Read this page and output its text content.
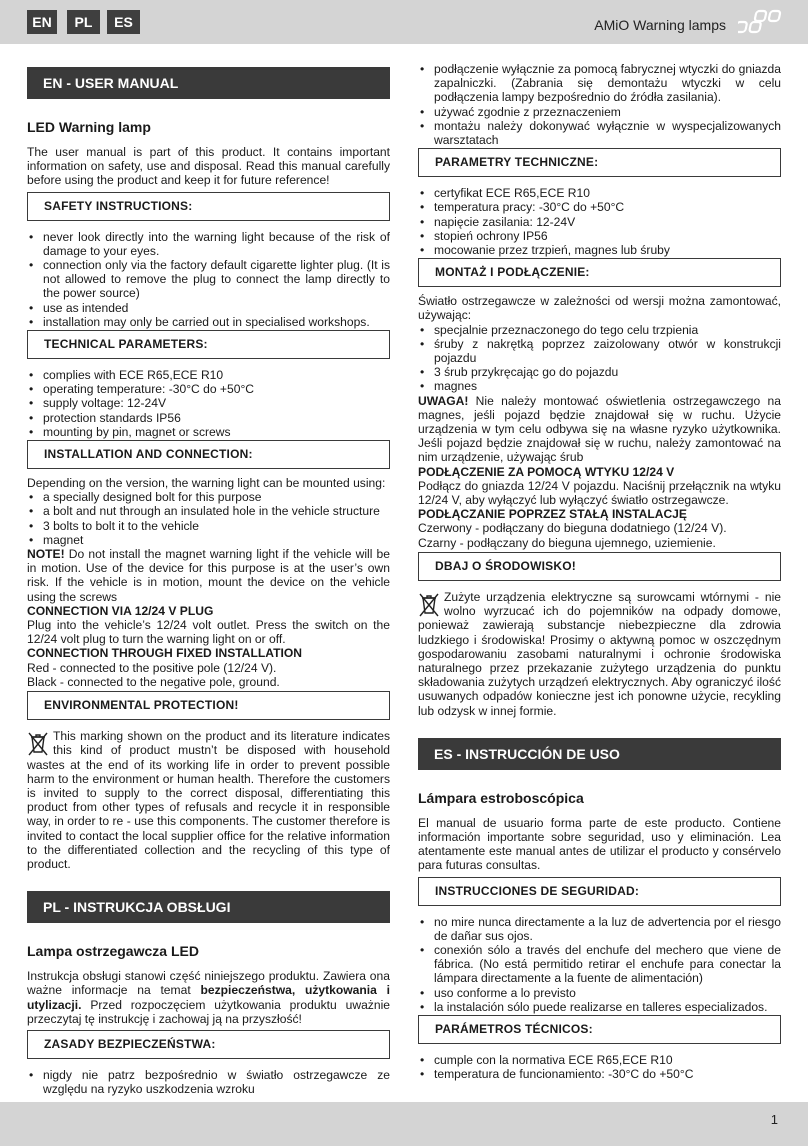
EN	PL	ES	AMiO Warning lamps
EN - USER MANUAL
LED Warning lamp

The user manual is part of this product. It contains important information on safety, use and disposal. Read this manual carefully before using the product and keep it for future reference!

SAFETY INSTRUCTIONS:
• never look directly into the warning light because of the risk of damage to your eyes.
• connection only via the factory default cigarette lighter plug. (It is not allowed to remove the plug to connect the lamp directly to the power source)
• use as intended
• installation may only be carried out in specialised workshops.
TECHNICAL PARAMETERS:
• complies with ECE R65,ECE R10
• operating temperature: -30°C do +50°C
• supply voltage: 12-24V
• protection standards IP56
• mounting by pin, magnet or screws
INSTALLATION AND CONNECTION:

Depending on the version, the warning light can be mounted using:

• a specially designed bolt for this purpose
• a bolt and nut through an insulated hole in the vehicle structure
• 3 bolts to bolt it to the vehicle
• magnet

NOTE! Do not install the magnet warning light if the vehicle will be in motion. Use of the device for this purpose is at the user’s own risk. If the vehicle is in motion, mount the device on the vehicle using the screws

CONNECTION VIA 12/24 V PLUG

Plug into the vehicle’s 12/24 volt outlet. Press the switch on the 12/24 volt plug to turn the warning light on or off.

CONNECTION THROUGH FIXED INSTALLATION

Red - connected to the positive pole (12/24 V).

Black - connected to the negative pole, ground.

ENVIRONMENTAL PROTECTION!

This marking shown on the product and its literature indicates this kind of product mustn’t be disposed with household wastes at the end of its working life in order to prevent possible harm to the environment or human health. Therefore the customers is invited to supply to the correct disposal, differentiating this product from other types of refusals and recycle it in responsible way, in order to re - use this components. The customer therefore is invited to contact the local supplier office for the relative information to the differentiated collection and the recycling of this type of product.

PL - INSTRUKCJA OBSŁUGI
Lampa ostrzegawcza LED

Instrukcja obsługi stanowi część niniejszego produktu. Zawiera ona ważne informacje na temat bezpieczeństwa, użytkowania i utylizacji. Przed rozpoczęciem użytkowania produktu uważnie przeczytaj tę instrukcję i zachowaj ją na przyszłość!

ZASADY BEZPIECZEŃSTWA:
• nigdy nie patrz bezpośrednio w światło ostrzegawcze ze względu na ryzyko uszkodzenia wzroku
• podłączenie wyłącznie za pomocą fabrycznej wtyczki do gniazda zapalniczki. (Zabrania się demontażu wtyczki w celu podłączenia lampy bezpośrednio do źródła zasilania).
• używać zgodnie z przeznaczeniem
• montażu należy dokonywać wyłącznie w wyspecjalizowanych warsztatach
PARAMETRY TECHNICZNE:
• certyfikat ECE R65,ECE R10
• temperatura pracy: -30°C do +50°C
• napięcie zasilania: 12-24V
• stopień ochrony IP56
• mocowanie przez trzpień, magnes lub śruby
MONTAŻ I PODŁĄCZENIE:

Światło ostrzegawcze w zależności od wersji można zamontować, używając:

• specjalnie przeznaczonego do tego celu trzpienia
• śruby z nakrętką poprzez zaizolowany otwór w konstrukcji pojazdu
• 3 śrub przykręcając go do pojazdu
• magnes

UWAGA! Nie należy montować oświetlenia ostrzegawczego na magnes, jeśli pojazd będzie znajdował się w ruchu. Użycie urządzenia w tym celu odbywa się na własne ryzyko użytkownika. Jeśli pojazd będzie znajdował się w ruchu, należy zamontować na nim urządzenie, używając śrub

PODŁĄCZENIE ZA POMOCĄ WTYKU 12/24 V

Podłącz do gniazda 12/24 V pojazdu. Naciśnij przełącznik na wtyku 12/24 V, aby wyłączyć lub wyłączyć światło ostrzegawcze.

PODŁĄCZANIE POPRZEZ STAŁĄ INSTALACJĘ

Czerwony - podłączany do bieguna dodatniego (12/24 V).

Czarny - podłączany do bieguna ujemnego, uziemienie.

DBAJ O ŚRODOWISKO!

Zużyte urządzenia elektryczne są surowcami wtórnymi - nie wolno wyrzucać ich do pojemników na odpady domowe, ponieważ zawierają substancje niebezpieczne dla zdrowia ludzkiego i środowiska! Prosimy o aktywną pomoc w oszczędnym gospodarowaniu zasobami naturalnymi i ochronie środowiska naturalnego przez przekazanie zużytego urządzenia do punktu składowania zużytych urządzeń elektrycznych. Aby ograniczyć ilość usuwanych odpadów konieczne jest ich ponowne użycie, recykling lub odzysk w innej formie.

ES - INSTRUCCIÓN DE USO
Lámpara estroboscópica

El manual de usuario forma parte de este producto. Contiene información importante sobre seguridad, uso y eliminación. Lea atentamente este manual antes de utilizar el producto y consérvelo para futuras consultas.

INSTRUCCIONES DE SEGURIDAD:
• no mire nunca directamente a la luz de advertencia por el riesgo de dañar sus ojos.
• conexión sólo a través del enchufe del mechero que viene de fábrica. (No está permitido retirar el enchufe para conectar la lámpara directamente a la fuente de alimentación)
• uso conforme a lo previsto
• la instalación sólo puede realizarse en talleres especializados.
PARÁMETROS TÉCNICOS:
• cumple con la normativa ECE R65,ECE R10
• temperatura de funcionamiento: -30°C do +50°C
1
